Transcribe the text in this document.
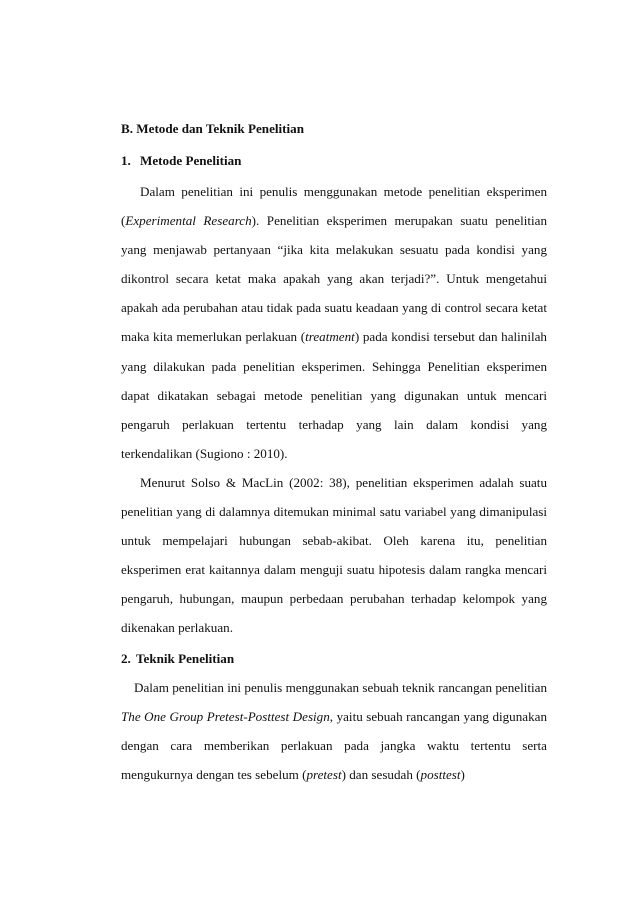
B. Metode dan Teknik Penelitian

1. Metode Penelitian

Dalam penelitian ini penulis menggunakan metode penelitian eksperimen (Experimental Research). Penelitian eksperimen merupakan suatu penelitian yang menjawab pertanyaan “jika kita melakukan sesuatu pada kondisi yang dikontrol secara ketat maka apakah yang akan terjadi?”. Untuk mengetahui apakah ada perubahan atau tidak pada suatu keadaan yang di control secara ketat maka kita memerlukan perlakuan (treatment) pada kondisi tersebut dan halinilah yang dilakukan pada penelitian eksperimen. Sehingga Penelitian eksperimen dapat dikatakan sebagai metode penelitian yang digunakan untuk mencari pengaruh perlakuan tertentu terhadap yang lain dalam kondisi yang terkendalikan (Sugiono : 2010).

Menurut Solso & MacLin (2002: 38), penelitian eksperimen adalah suatu penelitian yang di dalamnya ditemukan minimal satu variabel yang dimanipulasi untuk mempelajari hubungan sebab-akibat. Oleh karena itu, penelitian eksperimen erat kaitannya dalam menguji suatu hipotesis dalam rangka mencari pengaruh, hubungan, maupun perbedaan perubahan terhadap kelompok yang dikenakan perlakuan.

2. Teknik Penelitian

Dalam penelitian ini penulis menggunakan sebuah teknik rancangan penelitian The One Group Pretest-Posttest Design, yaitu sebuah rancangan yang digunakan dengan cara memberikan perlakuan pada jangka waktu tertentu serta mengukurnya dengan tes sebelum (pretest) dan sesudah (posttest)
